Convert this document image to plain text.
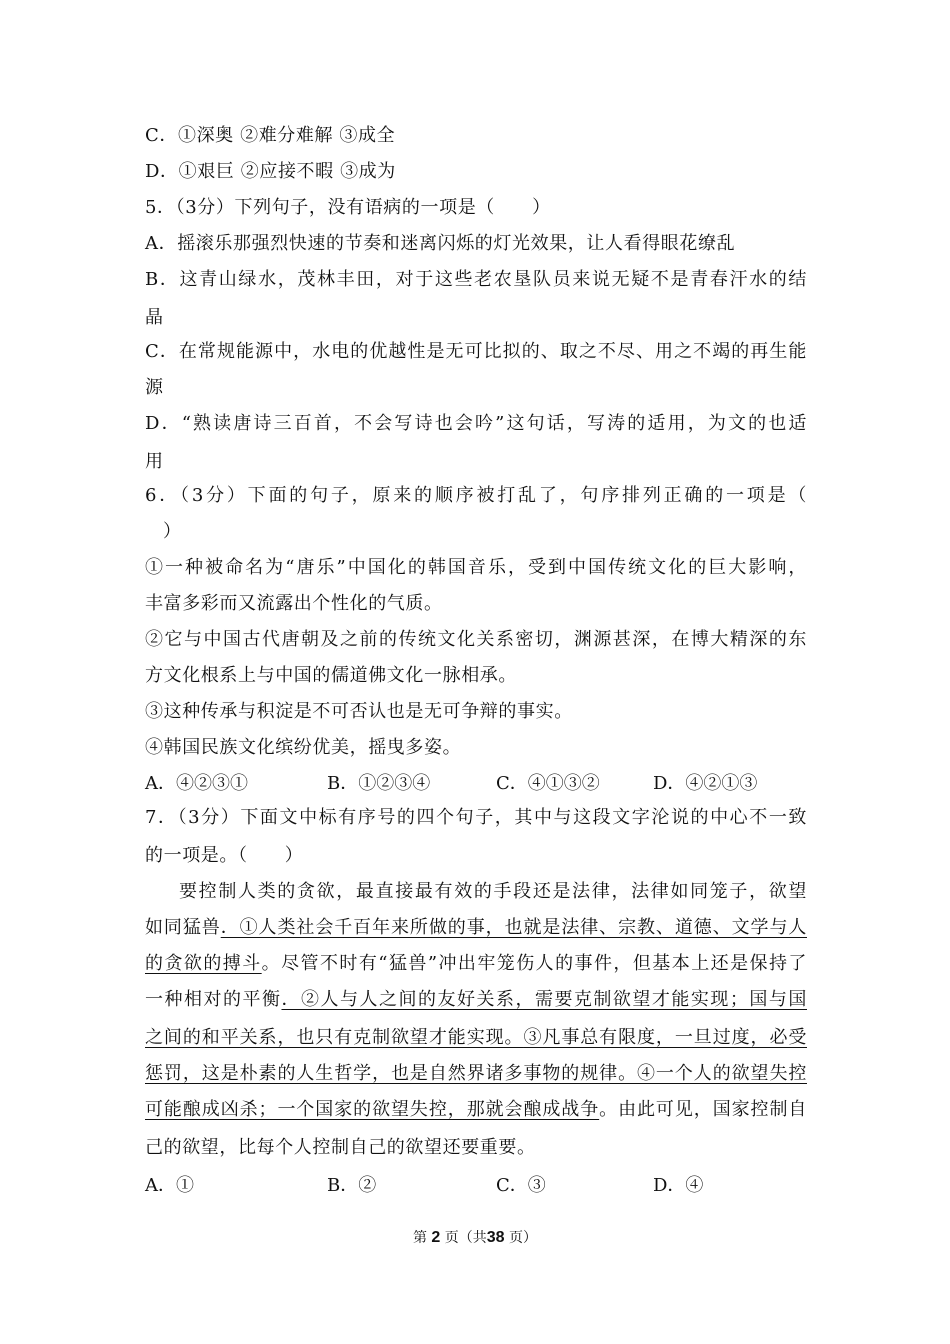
C．①深奥 ②难分难解 ③成全
D．①艰巨 ②应接不暇 ③成为
5．（3分）下列句子，没有语病的一项是（　　）
A．摇滚乐那强烈快速的节奏和迷离闪烁的灯光效果，让人看得眼花缭乱
B．这青山绿水，茂林丰田，对于这些老农垦队员来说无疑不是青春汗水的结
晶
C．在常规能源中，水电的优越性是无可比拟的、取之不尽、用之不竭的再生能
源
D．“熟读唐诗三百首，不会写诗也会吟”这句话，写涛的适用，为文的也适
用
6．（3分）下面的句子，原来的顺序被打乱了，句序排列正确的一项是（
）
①一种被命名为“唐乐”中国化的韩国音乐，受到中国传统文化的巨大影响，
丰富多彩而又流露出个性化的气质。
②它与中国古代唐朝及之前的传统文化关系密切，渊源甚深，在博大精深的东
方文化根系上与中国的儒道佛文化一脉相承。
③这种传承与积淀是不可否认也是无可争辩的事实。
④韩国民族文化缤纷优美，摇曳多姿。
A．④②③①	B．①②③④	C．④①③②	D．④②①③
7．（3分）下面文中标有序号的四个句子，其中与这段文字沦说的中心不一致
的一项是。（　　）
要控制人类的贪欲，最直接最有效的手段还是法律，法律如同笼子，欲望
如同猛兽．①人类社会千百年来所做的事，也就是法律、宗教、道德、文学与人
的贪欲的搏斗。尽管不时有“猛兽”冲出牢笼伤人的事件，但基本上还是保持了
一种相对的平衡．②人与人之间的友好关系，需要克制欲望才能实现；国与国
之间的和平关系，也只有克制欲望才能实现。③凡事总有限度，一旦过度，必受
惩罚，这是朴素的人生哲学，也是自然界诸多事物的规律。④一个人的欲望失控
可能酿成凶杀；一个国家的欲望失控，那就会酿成战争。由此可见，国家控制自
己的欲望，比每个人控制自己的欲望还要重要。
A．①	B．②	C．③	D．④
第 2 页（共38 页）
